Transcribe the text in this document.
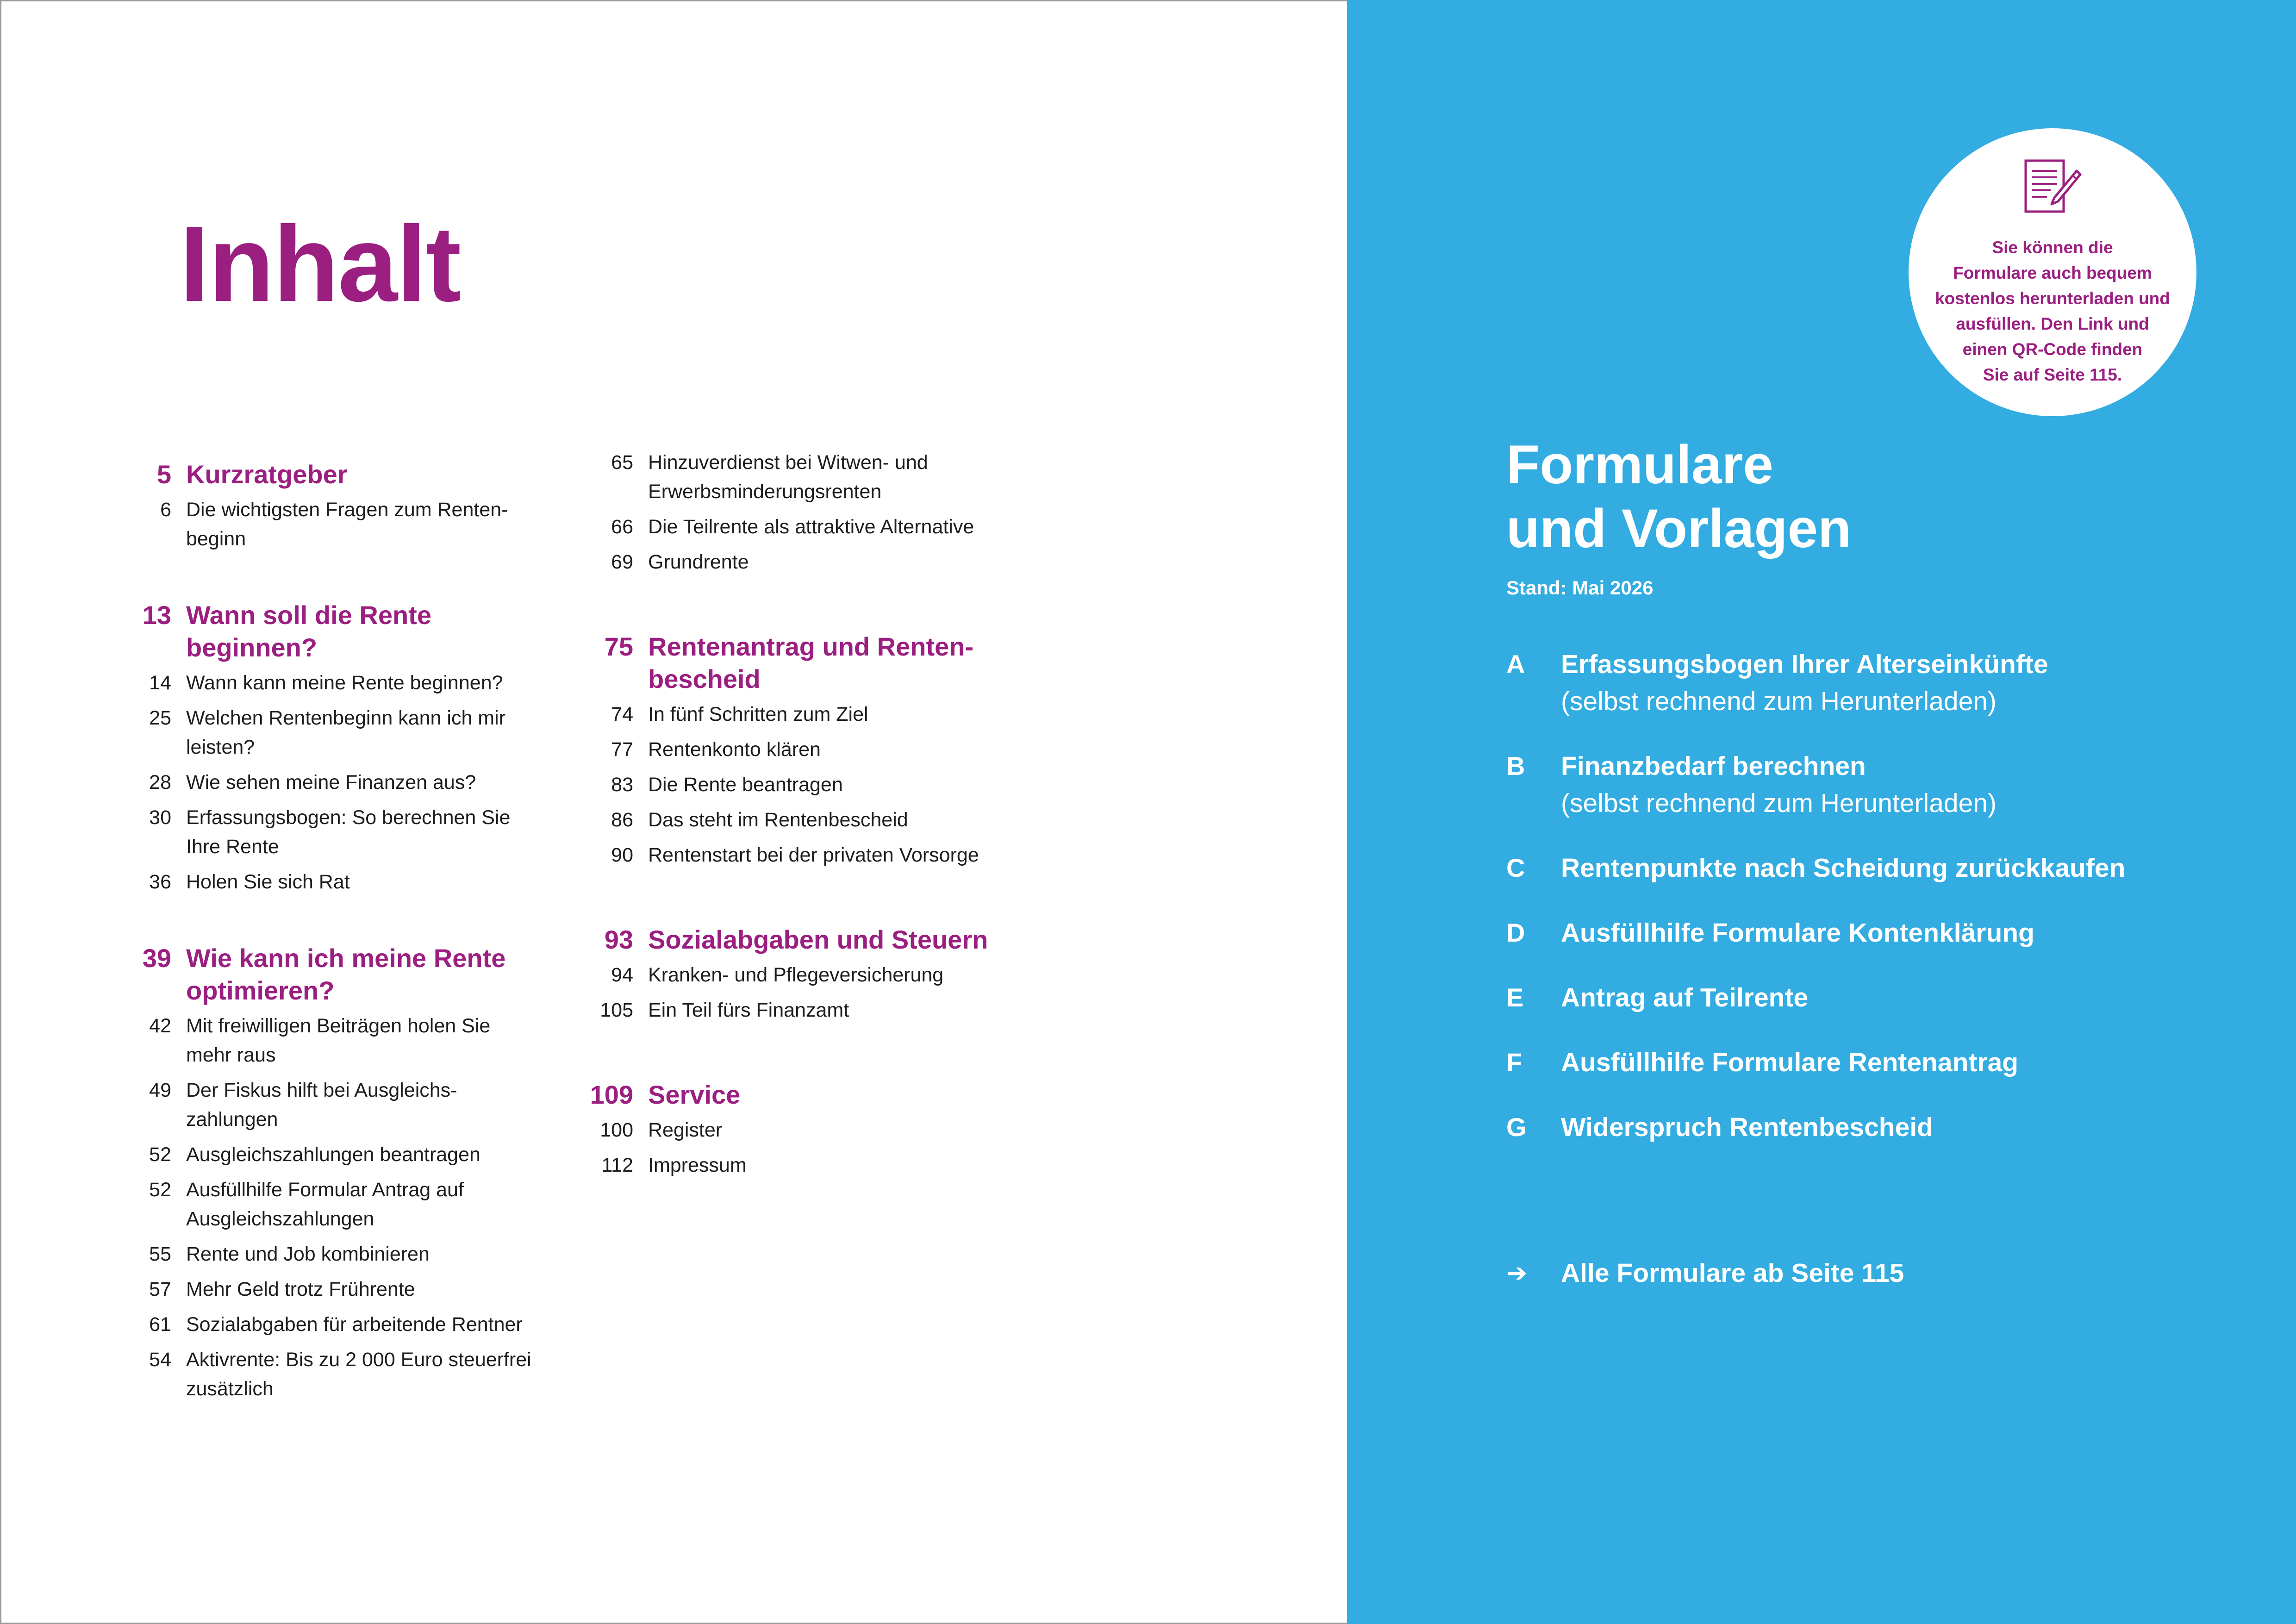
Inhalt
5 Kurzratgeber
6 Die wichtigsten Fragen zum Renten-
beginn
13 Wann soll die Rente
beginnen?
14 Wann kann meine Rente beginnen?
25 Welchen Rentenbeginn kann ich mir
leisten?
28 Wie sehen meine Finanzen aus?
30 Erfassungsbogen: So berechnen Sie
Ihre Rente
36 Holen Sie sich Rat
39 Wie kann ich meine Rente
optimieren?
42 Mit freiwilligen Beiträgen holen Sie
mehr raus
49 Der Fiskus hilft bei Ausgleichs-
zahlungen
52 Ausgleichszahlungen beantragen
52 Ausfüllhilfe Formular Antrag auf
Ausgleichszahlungen
55 Rente und Job kombinieren
57 Mehr Geld trotz Frührente
61 Sozialabgaben für arbeitende Rentner
54 Aktivrente: Bis zu 2 000 Euro steuerfrei
zusätzlich
65 Hinzuverdienst bei Witwen- und
Erwerbsminderungsrenten
66 Die Teilrente als attraktive Alternative
69 Grundrente
75 Rentenantrag und Renten-
bescheid
74 In fünf Schritten zum Ziel
77 Rentenkonto klären
83 Die Rente beantragen
86 Das steht im Rentenbescheid
90 Rentenstart bei der privaten Vorsorge
93 Sozialabgaben und Steuern
94 Kranken- und Pflegeversicherung
105 Ein Teil fürs Finanzamt
109 Service
100 Register
112 Impressum
Sie können die
Formulare auch bequem
kostenlos herunterladen und
ausfüllen. Den Link und
einen QR-Code finden
Sie auf Seite 115.
Formulare
und Vorlagen
Stand: Mai 2026
A	Erfassungsbogen Ihrer Alterseinkünfte
(selbst rechnend zum Herunterladen)
B	Finanzbedarf berechnen
(selbst rechnend zum Herunterladen)
C	Rentenpunkte nach Scheidung zurückkaufen
D	Ausfüllhilfe Formulare Kontenklärung
E	Antrag auf Teilrente
F	Ausfüllhilfe Formulare Rentenantrag
G	Widerspruch Rentenbescheid
➔	Alle Formulare ab Seite 115
